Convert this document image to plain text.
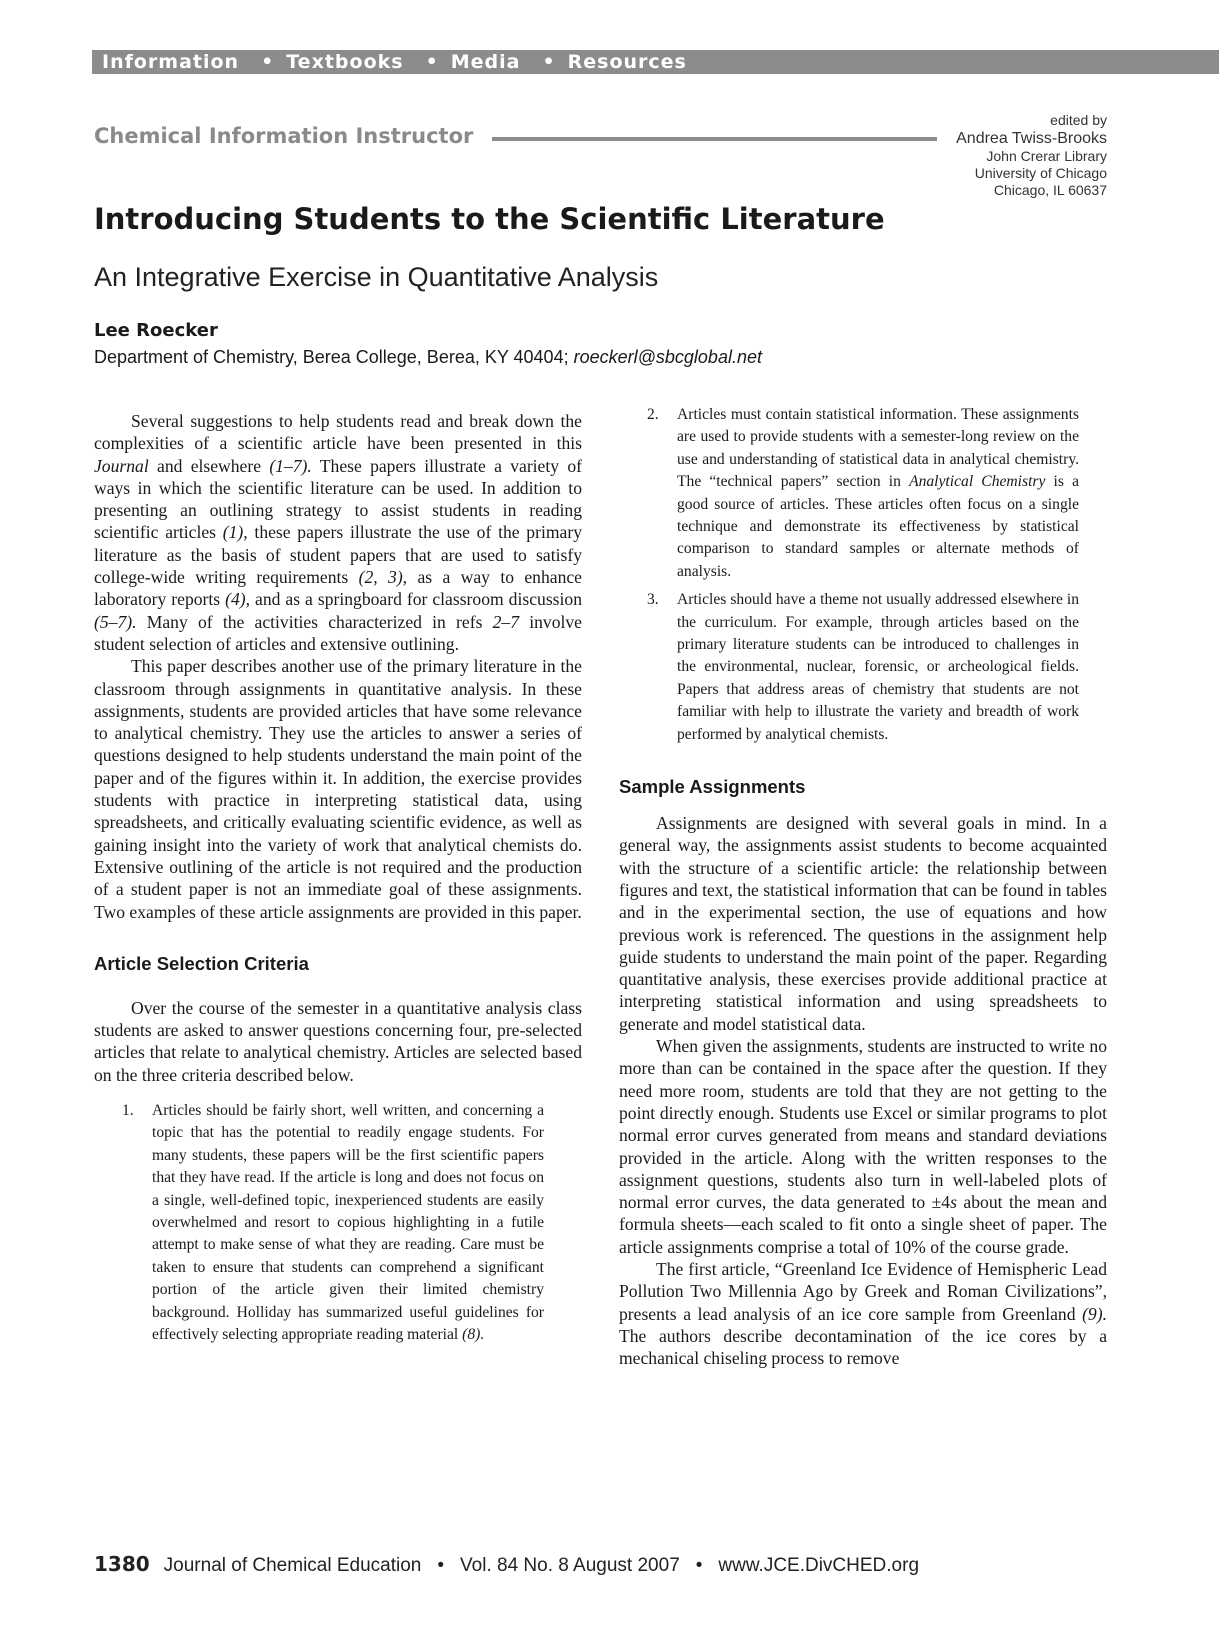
Information • Textbooks • Media • Resources
Chemical Information Instructor
edited by
Andrea Twiss-Brooks
John Crerar Library
University of Chicago
Chicago, IL 60637
Introducing Students to the Scientific Literature
An Integrative Exercise in Quantitative Analysis
Lee Roecker
Department of Chemistry, Berea College, Berea, KY 40404; roeckerl@sbcglobal.net

Several suggestions to help students read and break down the complexities of a scientific article have been presented in this Journal and elsewhere (1–7). These papers illustrate a variety of ways in which the scientific literature can be used. In addition to presenting an outlining strategy to assist students in reading scientific articles (1), these papers illustrate the use of the primary literature as the basis of student papers that are used to satisfy college-wide writing requirements (2, 3), as a way to enhance laboratory reports (4), and as a springboard for classroom discussion (5–7). Many of the activities characterized in refs 2–7 involve student selection of articles and extensive outlining.

This paper describes another use of the primary literature in the classroom through assignments in quantitative analysis. In these assignments, students are provided articles that have some relevance to analytical chemistry. They use the articles to answer a series of questions designed to help students understand the main point of the paper and of the figures within it. In addition, the exercise provides students with practice in interpreting statistical data, using spreadsheets, and critically evaluating scientific evidence, as well as gaining insight into the variety of work that analytical chemists do. Extensive outlining of the article is not required and the production of a student paper is not an immediate goal of these assignments. Two examples of these article assignments are provided in this paper.

Article Selection Criteria

Over the course of the semester in a quantitative analysis class students are asked to answer questions concerning four, pre-selected articles that relate to analytical chemistry. Articles are selected based on the three criteria described below.

1. Articles should be fairly short, well written, and concerning a topic that has the potential to readily engage students. For many students, these papers will be the first scientific papers that they have read. If the article is long and does not focus on a single, well-defined topic, inexperienced students are easily overwhelmed and resort to copious highlighting in a futile attempt to make sense of what they are reading. Care must be taken to ensure that students can comprehend a significant portion of the article given their limited chemistry background. Holliday has summarized useful guidelines for effectively selecting appropriate reading material (8).
2. Articles must contain statistical information. These assignments are used to provide students with a semester-long review on the use and understanding of statistical data in analytical chemistry. The “technical papers” section in Analytical Chemistry is a good source of articles. These articles often focus on a single technique and demonstrate its effectiveness by statistical comparison to standard samples or alternate methods of analysis.
3. Articles should have a theme not usually addressed elsewhere in the curriculum. For example, through articles based on the primary literature students can be introduced to challenges in the environmental, nuclear, forensic, or archeological fields. Papers that address areas of chemistry that students are not familiar with help to illustrate the variety and breadth of work performed by analytical chemists.
Sample Assignments

Assignments are designed with several goals in mind. In a general way, the assignments assist students to become acquainted with the structure of a scientific article: the relationship between figures and text, the statistical information that can be found in tables and in the experimental section, the use of equations and how previous work is referenced. The questions in the assignment help guide students to understand the main point of the paper. Regarding quantitative analysis, these exercises provide additional practice at interpreting statistical information and using spreadsheets to generate and model statistical data.

When given the assignments, students are instructed to write no more than can be contained in the space after the question. If they need more room, students are told that they are not getting to the point directly enough. Students use Excel or similar programs to plot normal error curves generated from means and standard deviations provided in the article. Along with the written responses to the assignment questions, students also turn in well-labeled plots of normal error curves, the data generated to ±4s about the mean and formula sheets—each scaled to fit onto a single sheet of paper. The article assignments comprise a total of 10% of the course grade.

The first article, “Greenland Ice Evidence of Hemispheric Lead Pollution Two Millennia Ago by Greek and Roman Civilizations”, presents a lead analysis of an ice core sample from Greenland (9). The authors describe decontamination of the ice cores by a mechanical chiseling process to remove

1380 Journal of Chemical Education • Vol. 84 No. 8 August 2007 • www.JCE.DivCHED.org
